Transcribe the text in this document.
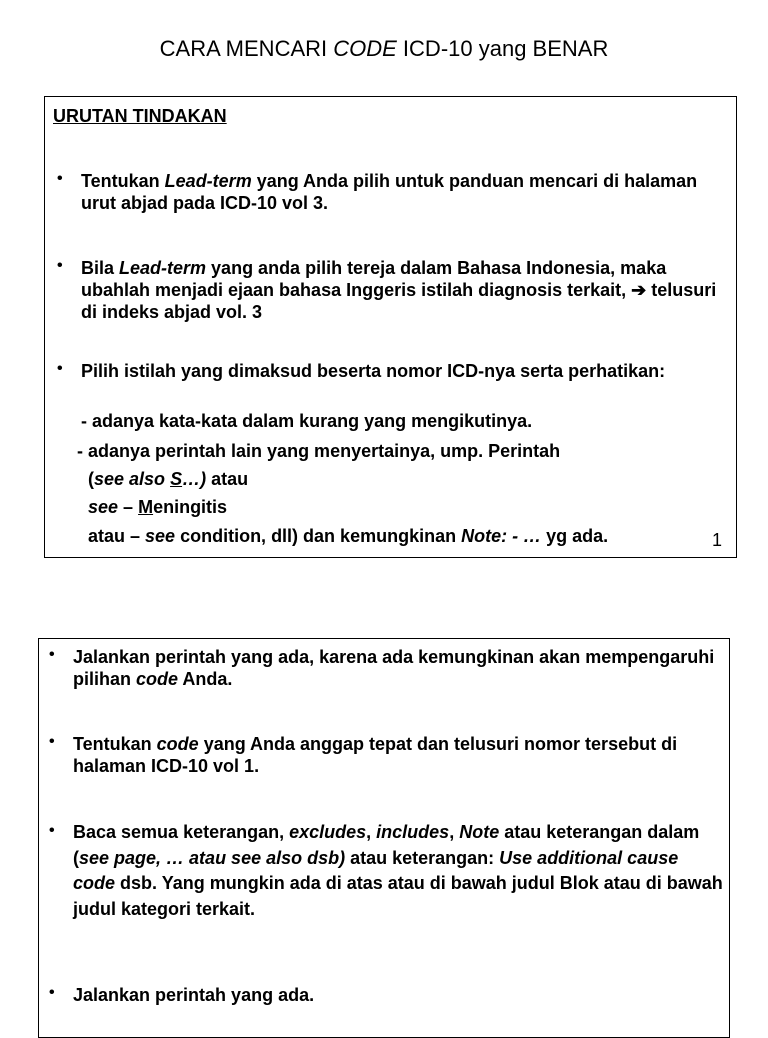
CARA MENCARI CODE ICD-10 yang BENAR
URUTAN TINDAKAN
• Tentukan Lead-term yang Anda pilih untuk panduan mencari di halaman urut abjad pada ICD-10 vol 3.
• Bila Lead-term yang anda pilih tereja dalam Bahasa Indonesia, maka ubahlah menjadi ejaan bahasa Inggeris istilah diagnosis terkait, ➔ telusuri di indeks abjad vol. 3
• Pilih istilah yang dimaksud beserta nomor ICD-nya serta perhatikan:
- adanya kata-kata dalam kurang yang mengikutinya.
- adanya perintah lain yang menyertainya, ump. Perintah
(see also S…) atau
see – Meningitis
atau – see condition, dll) dan kemungkinan Note: - … yg ada.	1
• Jalankan perintah yang ada, karena ada kemungkinan akan mempengaruhi pilihan code Anda.
• Tentukan code yang Anda anggap tepat dan telusuri nomor tersebut di halaman ICD-10 vol 1.
• Baca semua keterangan, excludes, includes, Note atau keterangan dalam (see page, … atau see also dsb) atau keterangan: Use additional cause code dsb. Yang mungkin ada di atas atau di bawah judul Blok atau di bawah judul kategori terkait.
• Jalankan perintah yang ada.
